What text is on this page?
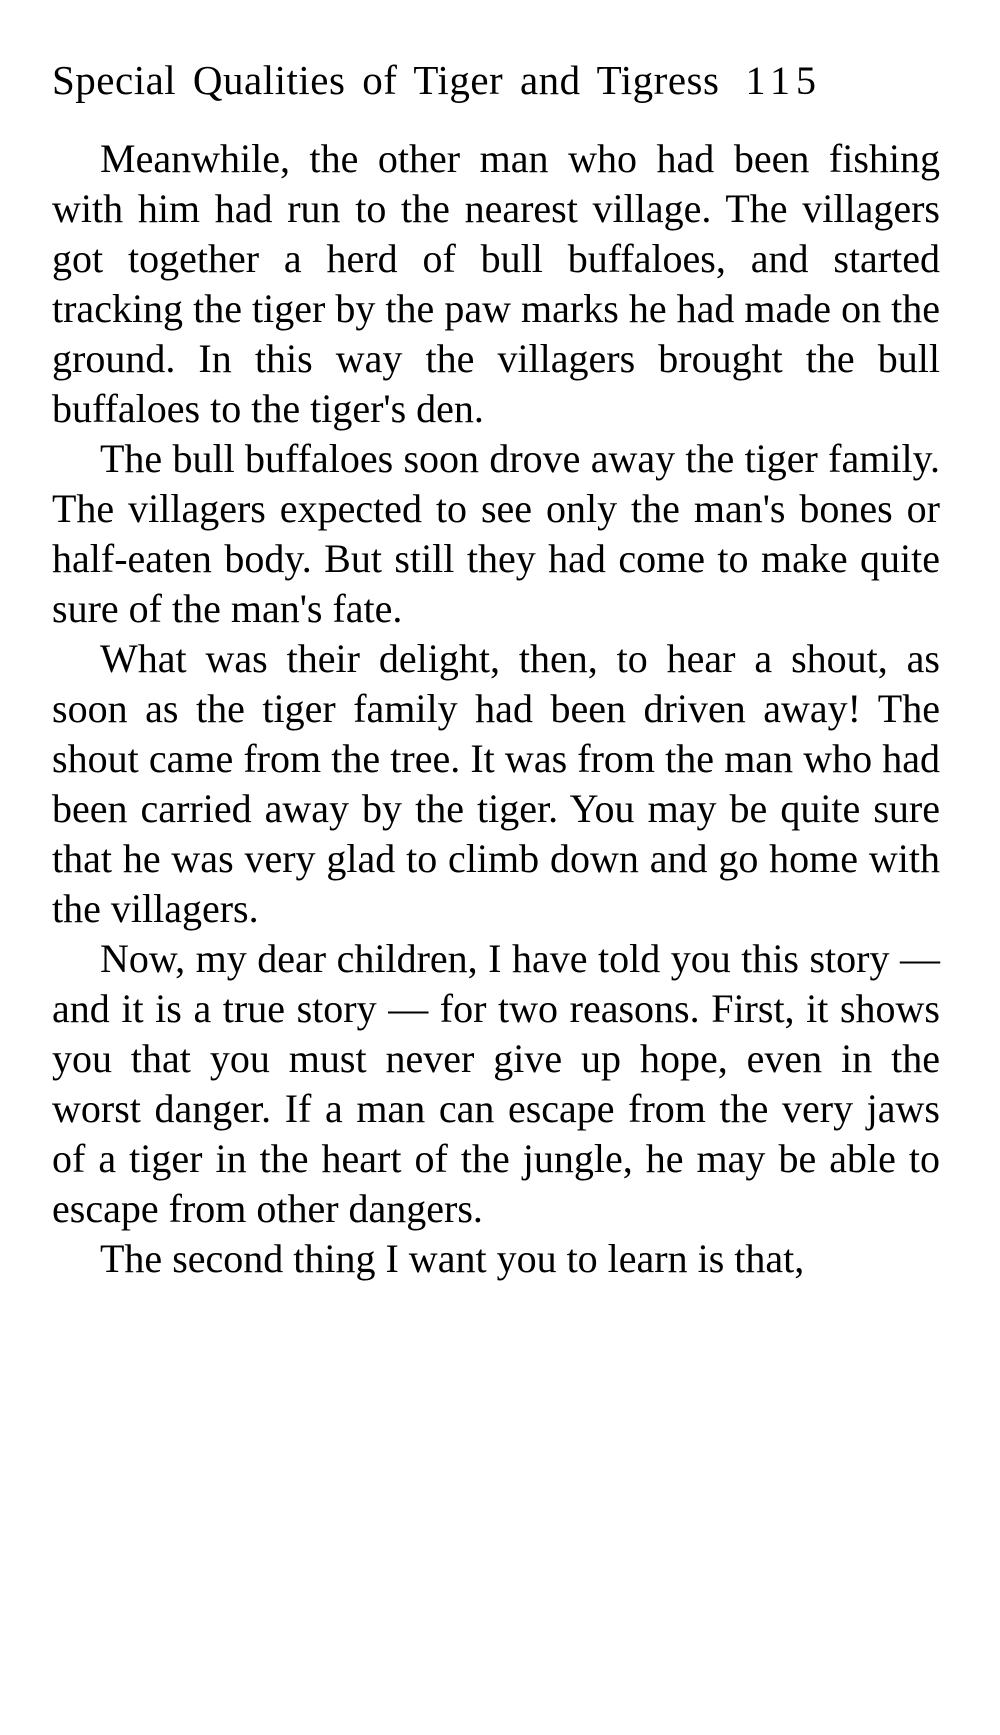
Special Qualities of Tiger and Tigress 115

Meanwhile, the other man who had been fishing with him had run to the nearest village. The villagers got together a herd of bull buffaloes, and started tracking the tiger by the paw marks he had made on the ground. In this way the villagers brought the bull buffaloes to the tiger's den.

The bull buffaloes soon drove away the tiger family. The villagers expected to see only the man's bones or half-eaten body. But still they had come to make quite sure of the man's fate.

What was their delight, then, to hear a shout, as soon as the tiger family had been driven away! The shout came from the tree. It was from the man who had been carried away by the tiger. You may be quite sure that he was very glad to climb down and go home with the villagers.

Now, my dear children, I have told you this story — and it is a true story — for two reasons. First, it shows you that you must never give up hope, even in the worst danger. If a man can escape from the very jaws of a tiger in the heart of the jungle, he may be able to escape from other dangers.

The second thing I want you to learn is that,
